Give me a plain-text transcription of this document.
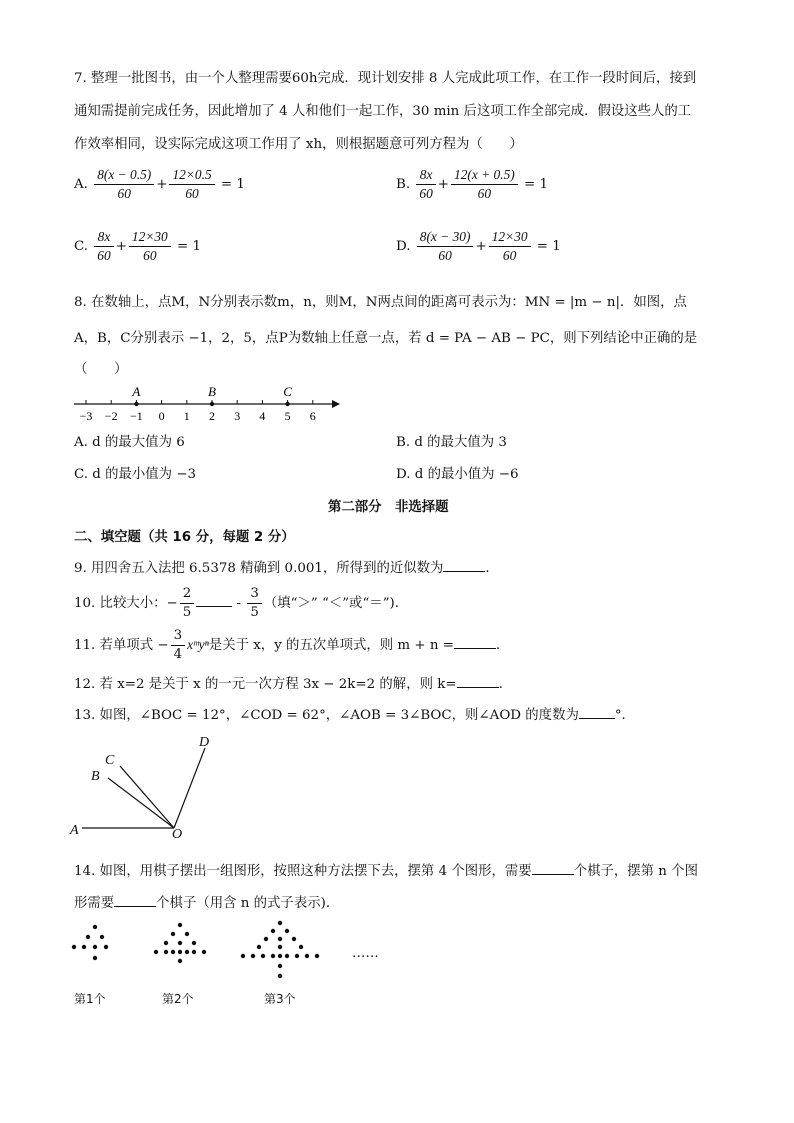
7. 整理一批图书，由一个人整理需要60h完成．现计划安排 8 人完成此项工作，在工作一段时间后，接到
通知需提前完成任务，因此增加了 4 人和他们一起工作，30 min 后这项工作全部完成．假设这些人的工
作效率相同，设实际完成这项工作用了 xh，则根据题意可列方程为（　　）
A. $\frac{8(x - 0.5)}{60} + \frac{12\times 0.5}{60} = 1$	B. $\frac{8x}{60} + \frac{12(x + 0.5)}{60} = 1$
C. $\frac{8x}{60} + \frac{12\times 30}{60} = 1$	D. $\frac{8(x - 30)}{60} + \frac{12\times 30}{60} = 1$
8. 在数轴上，点M，N分别表示数m，n，则M，N两点间的距离可表示为：MN = |m − n|．如图，点
A，B，C分别表示 −1，2，5，点P为数轴上任意一点，若 d = PA − AB − PC，则下列结论中正确的是
（　　）
−3 −2 −1 0 1 2 3 4 5 6
A	B	C
A. d 的最大值为 6	B. d 的最大值为 3
C. d 的最小值为 −3	D. d 的最小值为 −6
第二部分　非选择题
二、填空题（共 16 分，每题 2 分）
9. 用四舍五入法把 6.5378 精确到 0.001，所得到的近似数为	．
10. 比较大小：− $\frac{2}{5}$	- $\frac{3}{5}$ （填“＞” “＜”或“＝”).
11. 若单项式 − $\frac{3}{4}$ xᵐyⁿ是关于 x，y 的五次单项式，则 m + n =	．
12. 若 x=2 是关于 x 的一元一次方程 3x − 2k=2 的解，则 k=	．
13. 如图，∠BOC = 12°，∠COD = 62°，∠AOB = 3∠BOC，则∠AOD 的度数为	°．
A
B
C
D
O
14. 如图，用棋子摆出一组图形，按照这种方法摆下去，摆第 4 个图形，需要	个棋子，摆第 n 个图
形需要	个棋子（用含 n 的式子表示)．
……
第1个	第2个	第3个
